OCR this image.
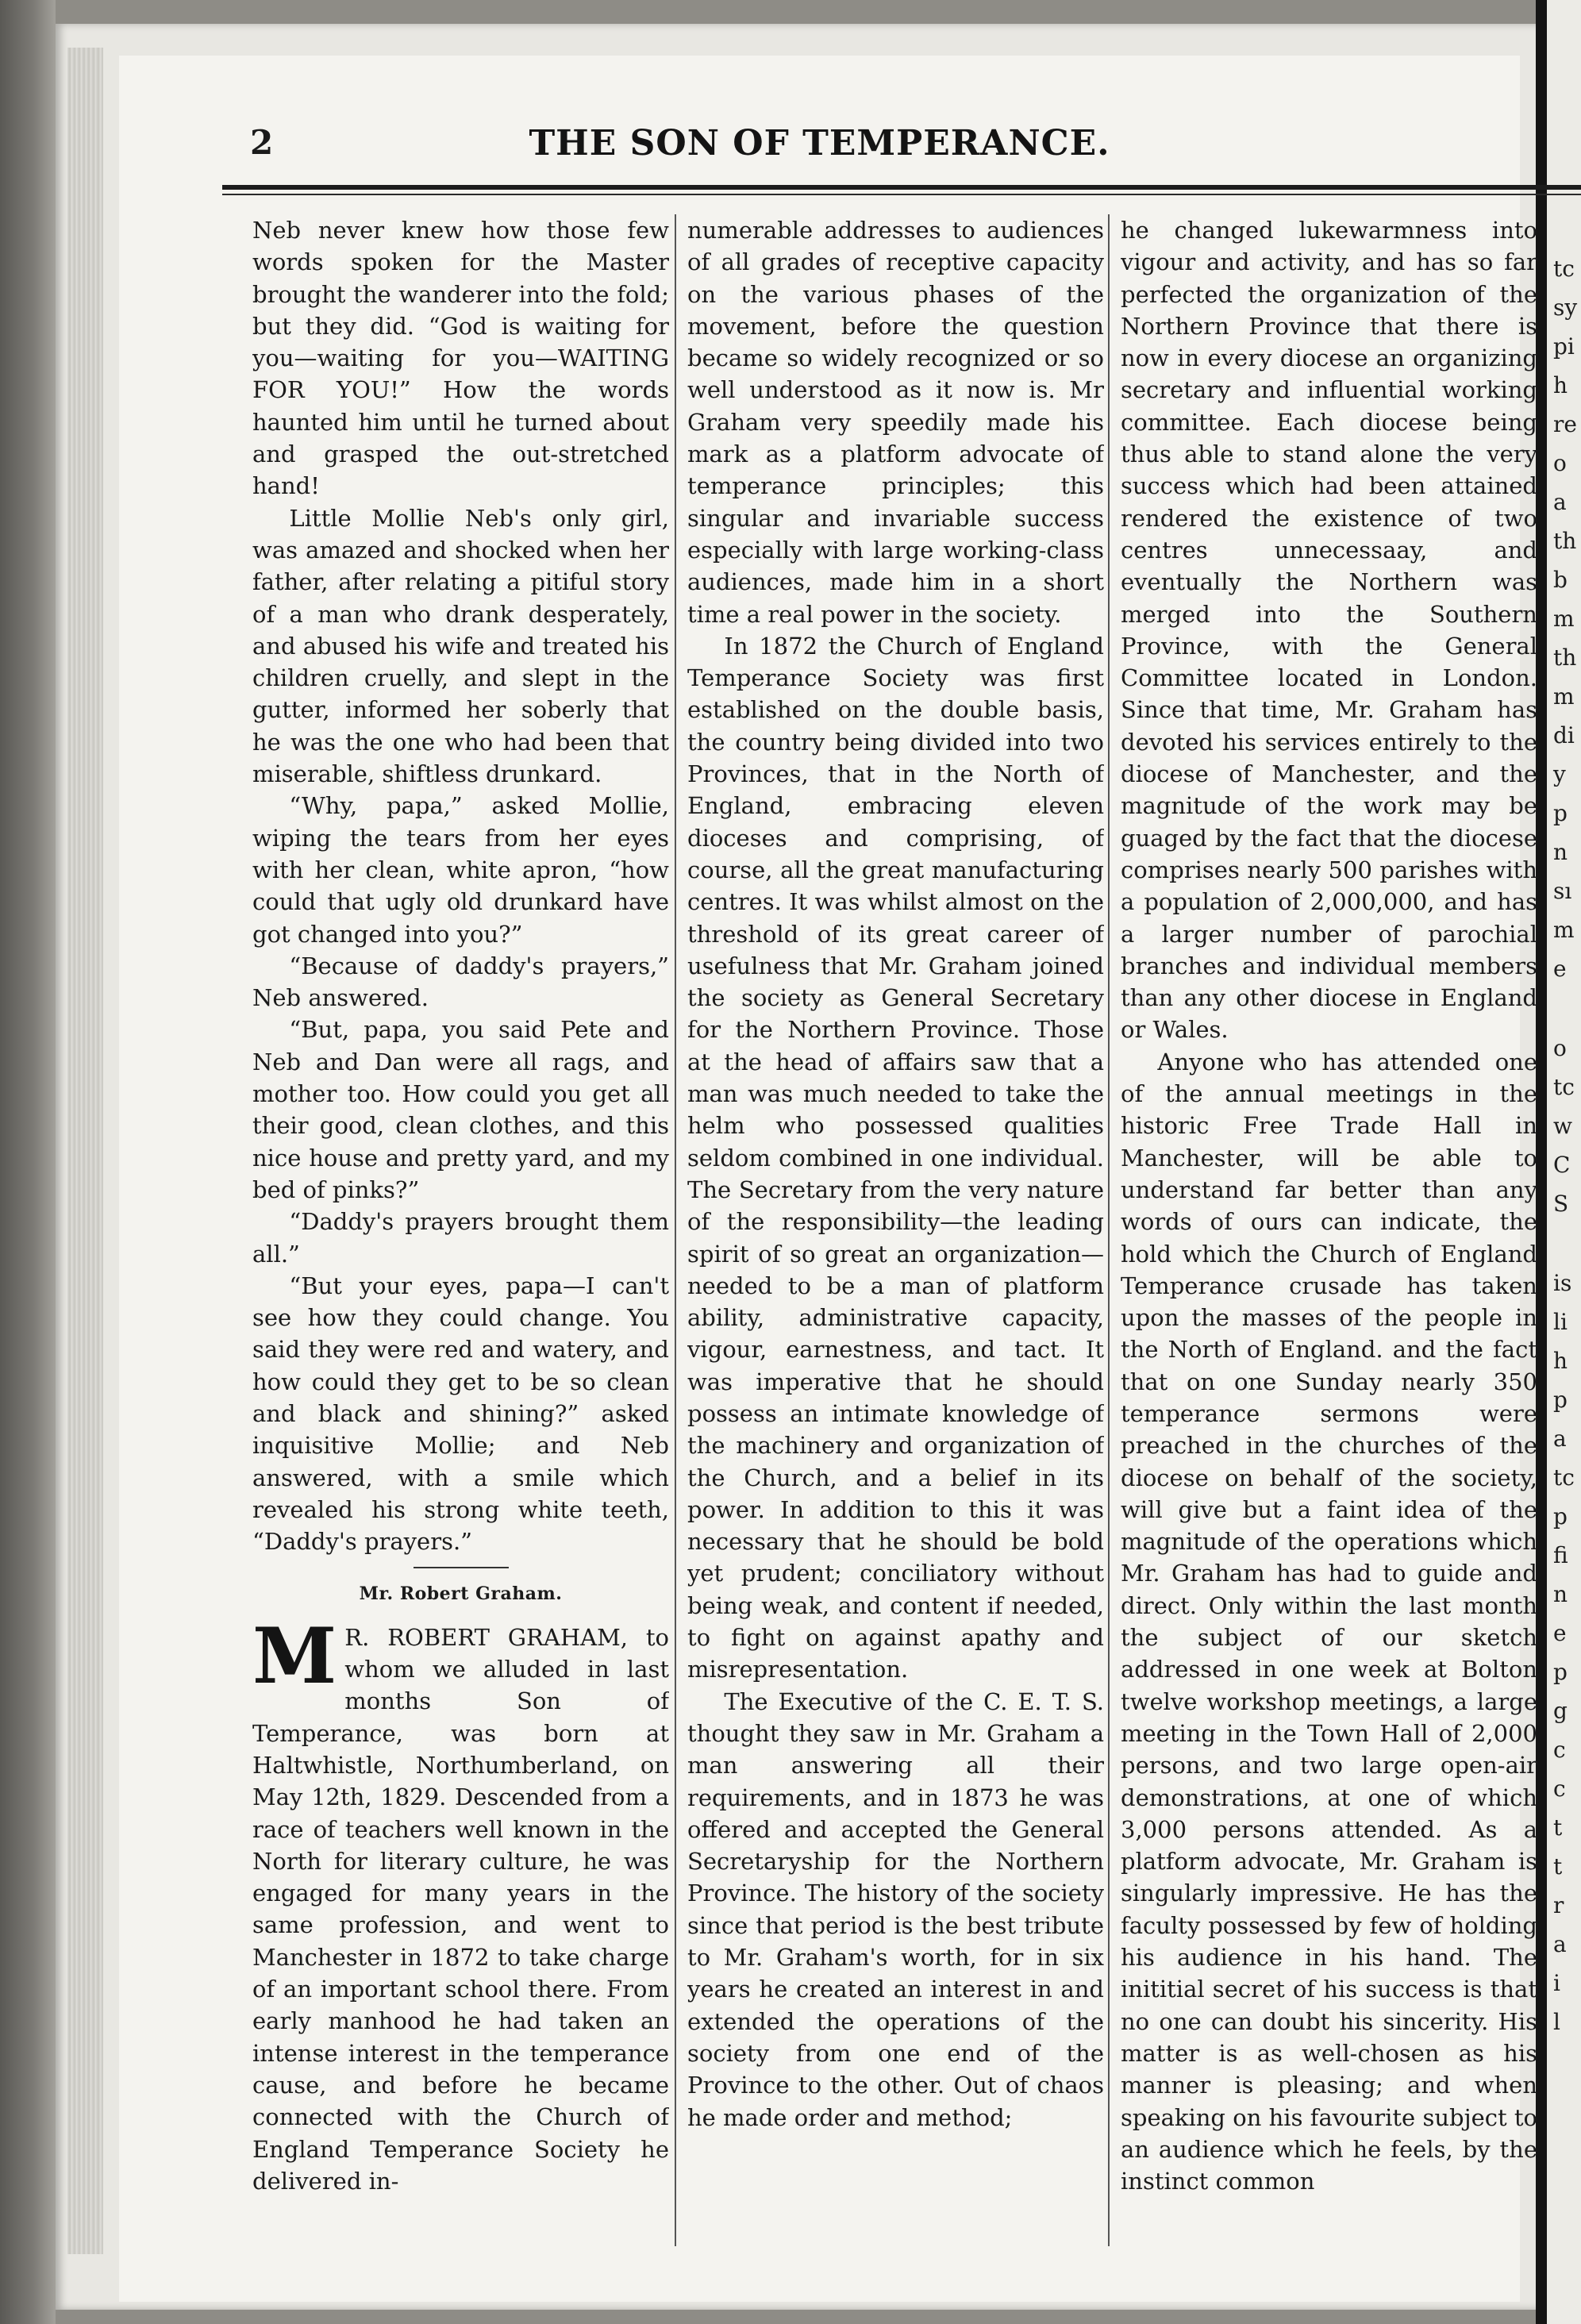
tc
sy
pi
h
re
o
a
th
b
m
th
m
di
y
p
n
sı
m
e
o
tc
w
C
S
is
li
h
p
a
tc
p
fi
n
e
p
g
c
c
t
t
r
a
i
l
2	THE SON OF TEMPERANCE.

Neb never knew how those few words spoken for the Master brought the wanderer into the fold; but they did. “God is waiting for you—waiting for you—WAITING FOR YOU!” How the words haunted him until he turned about and grasped the out-stretched hand!

Little Mollie Neb's only girl, was amazed and shocked when her father, after relating a pitiful story of a man who drank desperately, and abused his wife and treated his children cruelly, and slept in the gutter, informed her soberly that he was the one who had been that miserable, shiftless drunkard.

“Why, papa,” asked Mollie, wiping the tears from her eyes with her clean, white apron, “how could that ugly old drunkard have got changed into you?”

“Because of daddy's prayers,” Neb answered.

“But, papa, you said Pete and Neb and Dan were all rags, and mother too. How could you get all their good, clean clothes, and this nice house and pretty yard, and my bed of pinks?”

“Daddy's prayers brought them all.”

“But your eyes, papa—I can't see how they could change. You said they were red and watery, and how could they get to be so clean and black and shining?” asked inquisitive Mollie; and Neb answered, with a smile which revealed his strong white teeth, “Daddy's prayers.”

Mr. Robert Graham.

M R. ROBERT GRAHAM, to whom we alluded in last months Son of Temperance, was born at Haltwhistle, Northumberland, on May 12th, 1829. Descended from a race of teachers well known in the North for literary culture, he was engaged for many years in the same profession, and went to Manchester in 1872 to take charge of an important school there. From early manhood he had taken an intense interest in the temperance cause, and before he became connected with the Church of England Temperance Society he delivered in-

numerable addresses to audiences of all grades of receptive capacity on the various phases of the movement, before the question became so widely recognized or so well understood as it now is. Mr Graham very speedily made his mark as a platform advocate of temperance principles; this singular and invariable success especially with large working-class audiences, made him in a short time a real power in the society.

In 1872 the Church of England Temperance Society was first established on the double basis, the country being divided into two Provinces, that in the North of England, embracing eleven dioceses and comprising, of course, all the great manufacturing centres. It was whilst almost on the threshold of its great career of usefulness that Mr. Graham joined the society as General Secretary for the Northern Province. Those at the head of affairs saw that a man was much needed to take the helm who possessed qualities seldom combined in one individual. The Secretary from the very nature of the responsibility—the leading spirit of so great an organization—needed to be a man of platform ability, administrative capacity, vigour, earnestness, and tact. It was imperative that he should possess an intimate knowledge of the machinery and organization of the Church, and a belief in its power. In addition to this it was necessary that he should be bold yet prudent; conciliatory without being weak, and content if needed, to fight on against apathy and misrepresentation.

The Executive of the C. E. T. S. thought they saw in Mr. Graham a man answering all their requirements, and in 1873 he was offered and accepted the General Secretaryship for the Northern Province. The history of the society since that period is the best tribute to Mr. Graham's worth, for in six years he created an interest in and extended the operations of the society from one end of the Province to the other. Out of chaos he made order and method;

he changed lukewarmness into vigour and activity, and has so far perfected the organization of the Northern Province that there is now in every diocese an organizing secretary and influential working committee. Each diocese being thus able to stand alone the very success which had been attained rendered the existence of two centres unnecessaay, and eventually the Northern was merged into the Southern Province, with the General Committee located in London. Since that time, Mr. Graham has devoted his services entirely to the diocese of Manchester, and the magnitude of the work may be guaged by the fact that the diocese comprises nearly 500 parishes with a population of 2,000,000, and has a larger number of parochial branches and individual members than any other diocese in England or Wales.

Anyone who has attended one of the annual meetings in the historic Free Trade Hall in Manchester, will be able to understand far better than any words of ours can indicate, the hold which the Church of England Temperance crusade has taken upon the masses of the people in the North of England. and the fact that on one Sunday nearly 350 temperance sermons were preached in the churches of the diocese on behalf of the society, will give but a faint idea of the magnitude of the operations which Mr. Graham has had to guide and direct. Only within the last month the subject of our sketch addressed in one week at Bolton twelve workshop meetings, a large meeting in the Town Hall of 2,000 persons, and two large open-air demonstrations, at one of which 3,000 persons attended. As a platform advocate, Mr. Graham is singularly impressive. He has the faculty possessed by few of holding his audience in his hand. The inititial secret of his success is that no one can doubt his sincerity. His matter is as well-chosen as his manner is pleasing; and when speaking on his favourite subject to an audience which he feels, by the instinct common
